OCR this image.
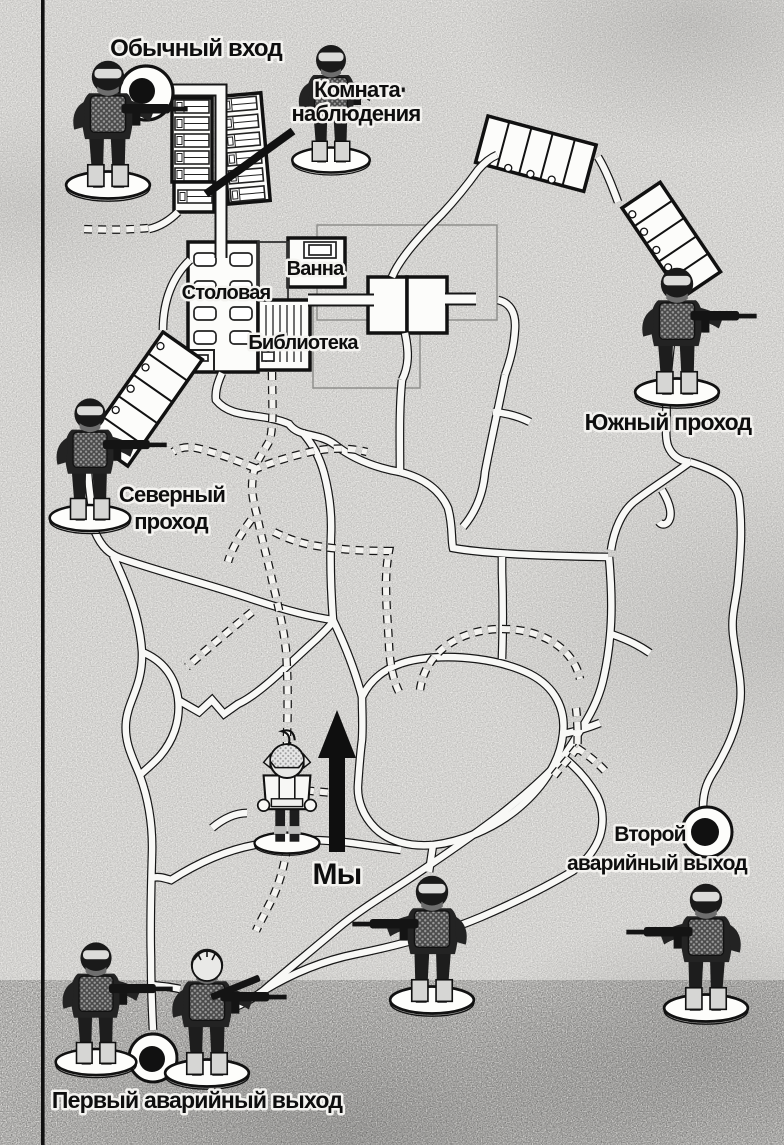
Обычный вход
Комната
наблюдения
Ванна
Столовая
Библиотека
Южный проход
Северный
проход
Мы
Второй
аварийный выход
Первый аварийный выход
